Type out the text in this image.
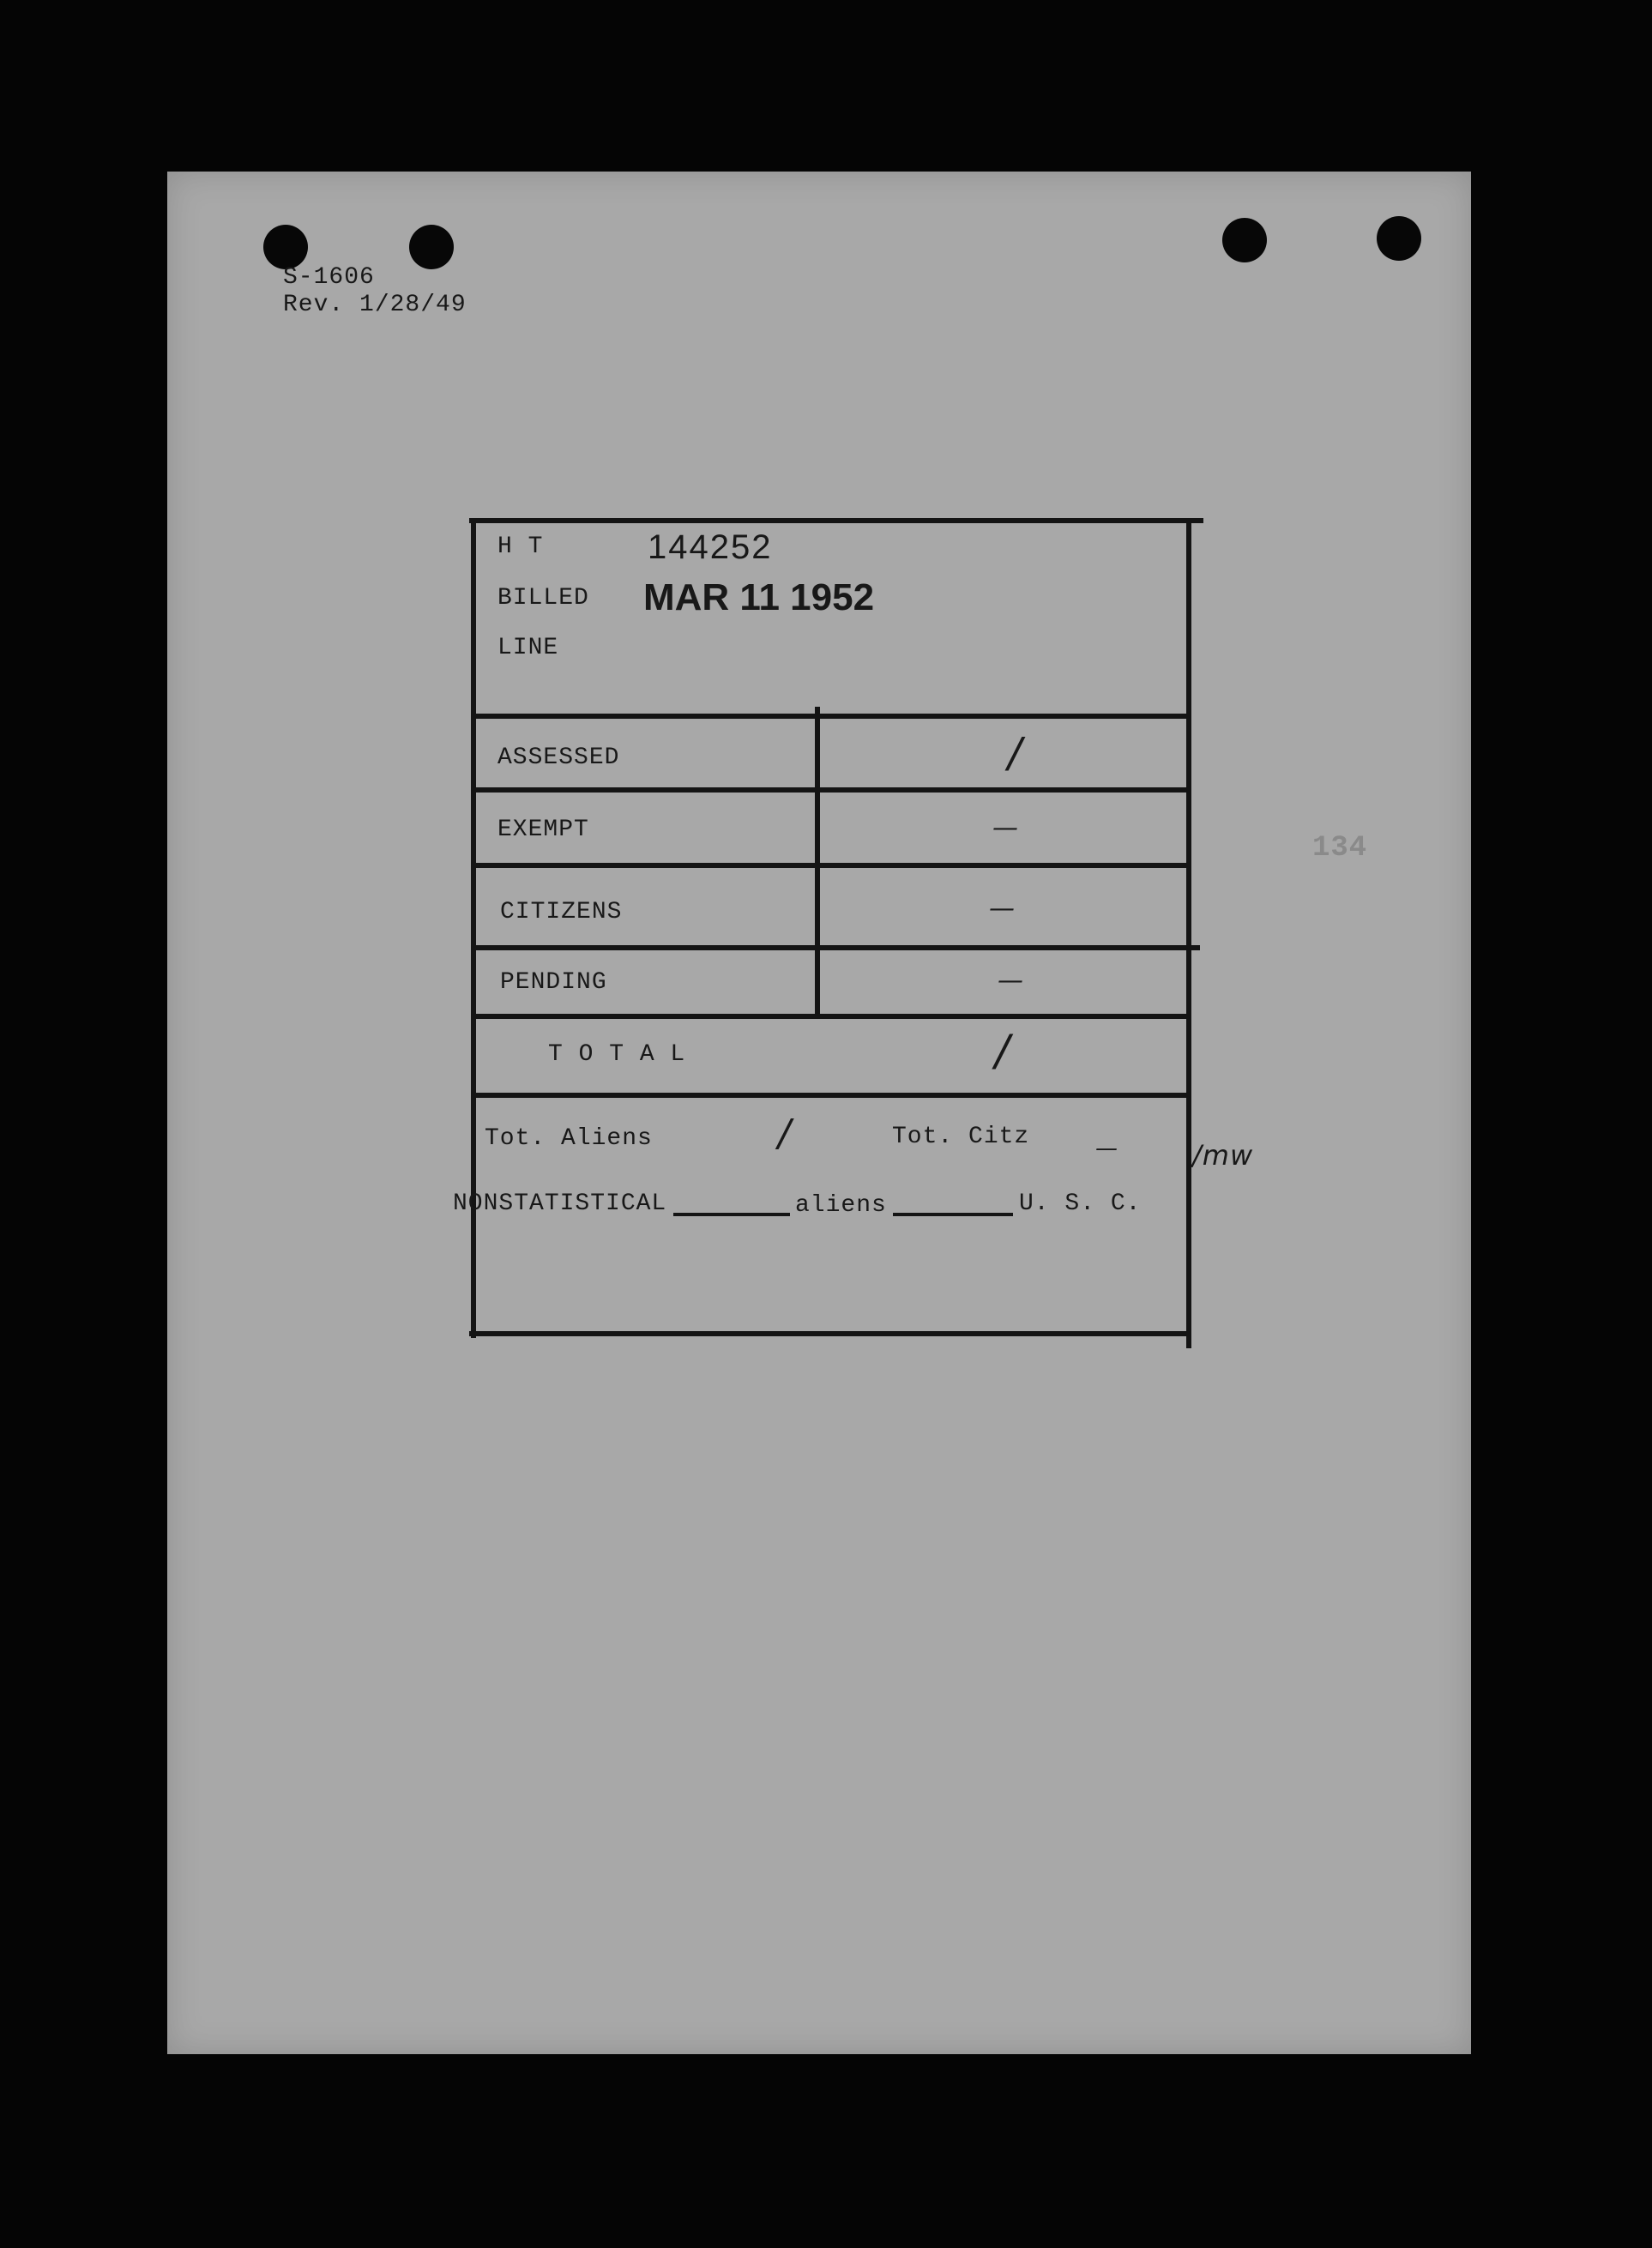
S-1606
Rev. 1/28/49
H T	144252
BILLED MAR 11 1952
LINE
ASSESSED	/
EXEMPT	—
CITIZENS	—
PENDING	—
T O T A L	/
Tot. Aliens	/	Tot. Citz	—	/mw
NONSTATISTICAL	aliens	U. S. C.
134
